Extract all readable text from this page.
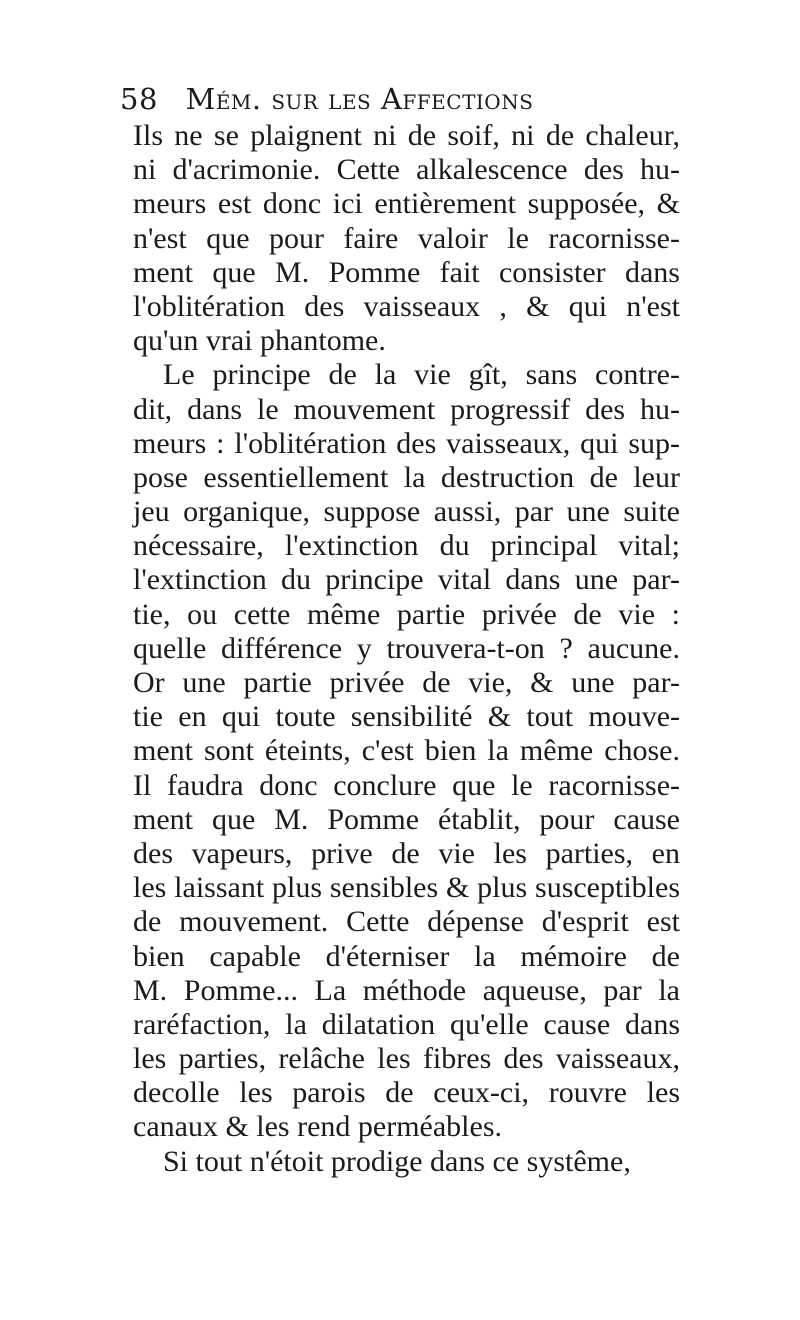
58 Mém. sur les Affections
Ils ne se plaignent ni de soif, ni de chaleur,
ni d'acrimonie. Cette alkalescence des hu-
meurs est donc ici entièrement supposée, &
n'est que pour faire valoir le racornisse-
ment que M. Pomme fait consister dans
l'oblitération des vaisseaux , & qui n'est
qu'un vrai phantome.
Le principe de la vie gît, sans contre-
dit, dans le mouvement progressif des hu-
meurs : l'oblitération des vaisseaux, qui sup-
pose essentiellement la destruction de leur
jeu organique, suppose aussi, par une suite
nécessaire, l'extinction du principal vital;
l'extinction du principe vital dans une par-
tie, ou cette même partie privée de vie :
quelle différence y trouvera-t-on ? aucune.
Or une partie privée de vie, & une par-
tie en qui toute sensibilité & tout mouve-
ment sont éteints, c'est bien la même chose.
Il faudra donc conclure que le racornisse-
ment que M. Pomme établit, pour cause
des vapeurs, prive de vie les parties, en
les laissant plus sensibles & plus susceptibles
de mouvement. Cette dépense d'esprit est
bien capable d'éterniser la mémoire de
M. Pomme... La méthode aqueuse, par la
raréfaction, la dilatation qu'elle cause dans
les parties, relâche les fibres des vaisseaux,
decolle les parois de ceux-ci, rouvre les
canaux & les rend perméables.
Si tout n'étoit prodige dans ce systême,
